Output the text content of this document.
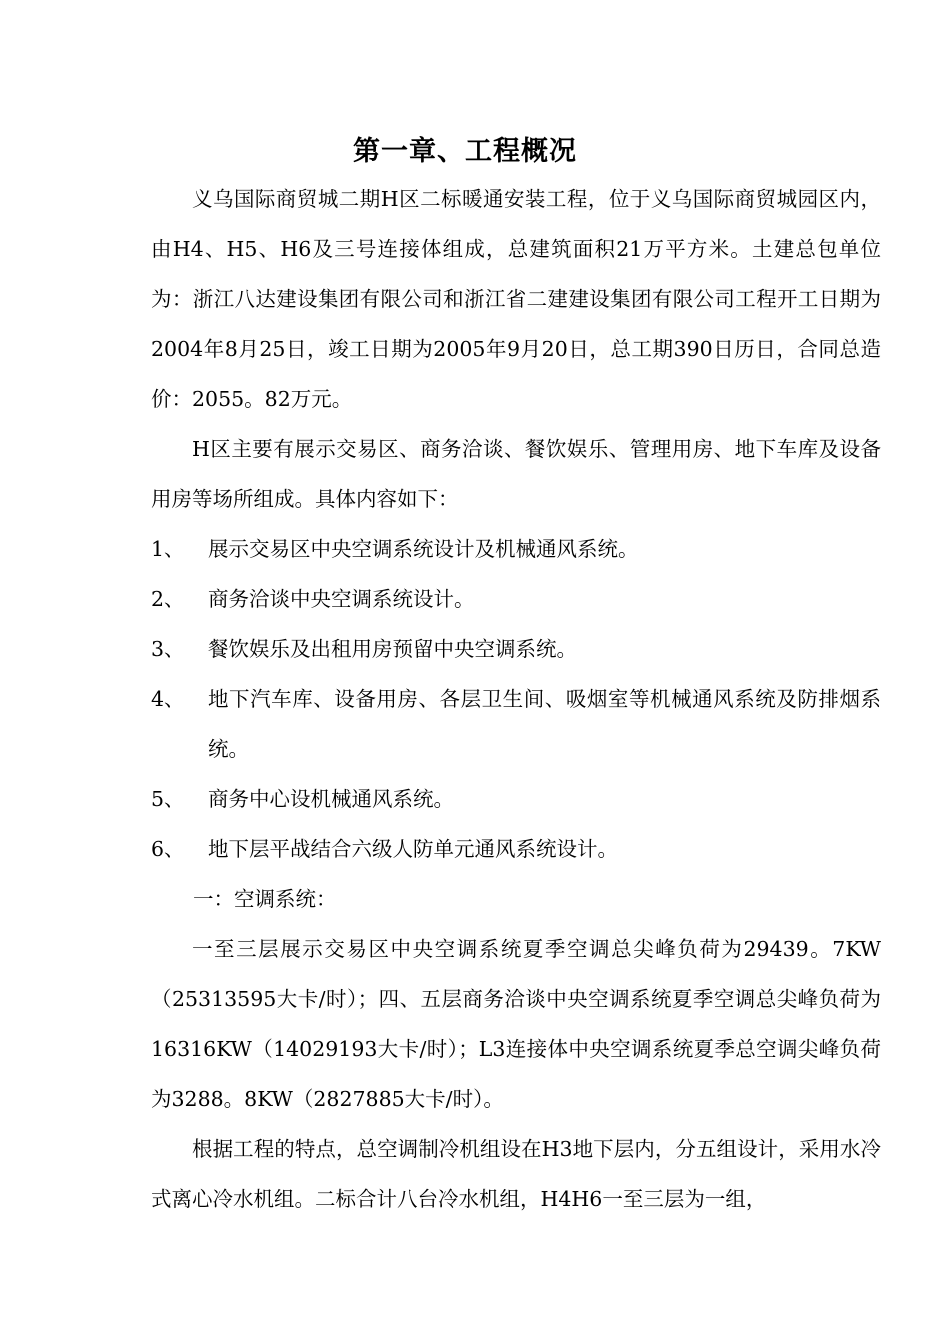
第一章、工程概况

义乌国际商贸城二期H区二标暖通安装工程，位于义乌国际商贸城园区内，由H4、H5、H6及三号连接体组成，总建筑面积21万平方米。土建总包单位为：浙江八达建设集团有限公司和浙江省二建建设集团有限公司工程开工日期为2004年8月25日，竣工日期为2005年9月20日，总工期390日历日，合同总造价：2055。82万元。

H区主要有展示交易区、商务洽谈、餐饮娱乐、管理用房、地下车库及设备用房等场所组成。具体内容如下：

1、	展示交易区中央空调系统设计及机械通风系统。
2、	商务洽谈中央空调系统设计。
3、	餐饮娱乐及出租用房预留中央空调系统。
4、	地下汽车库、设备用房、各层卫生间、吸烟室等机械通风系统及防排烟系统。
5、	商务中心设机械通风系统。
6、	地下层平战结合六级人防单元通风系统设计。

一：空调系统：

一至三层展示交易区中央空调系统夏季空调总尖峰负荷为29439。7KW（25313595大卡/时）；四、五层商务洽谈中央空调系统夏季空调总尖峰负荷为16316KW（14029193大卡/时）；L3连接体中央空调系统夏季总空调尖峰负荷为3288。8KW（2827885大卡/时）。

根据工程的特点，总空调制冷机组设在H3地下层内，分五组设计，采用水冷式离心冷水机组。二标合计八台冷水机组，H4H6一至三层为一组，
